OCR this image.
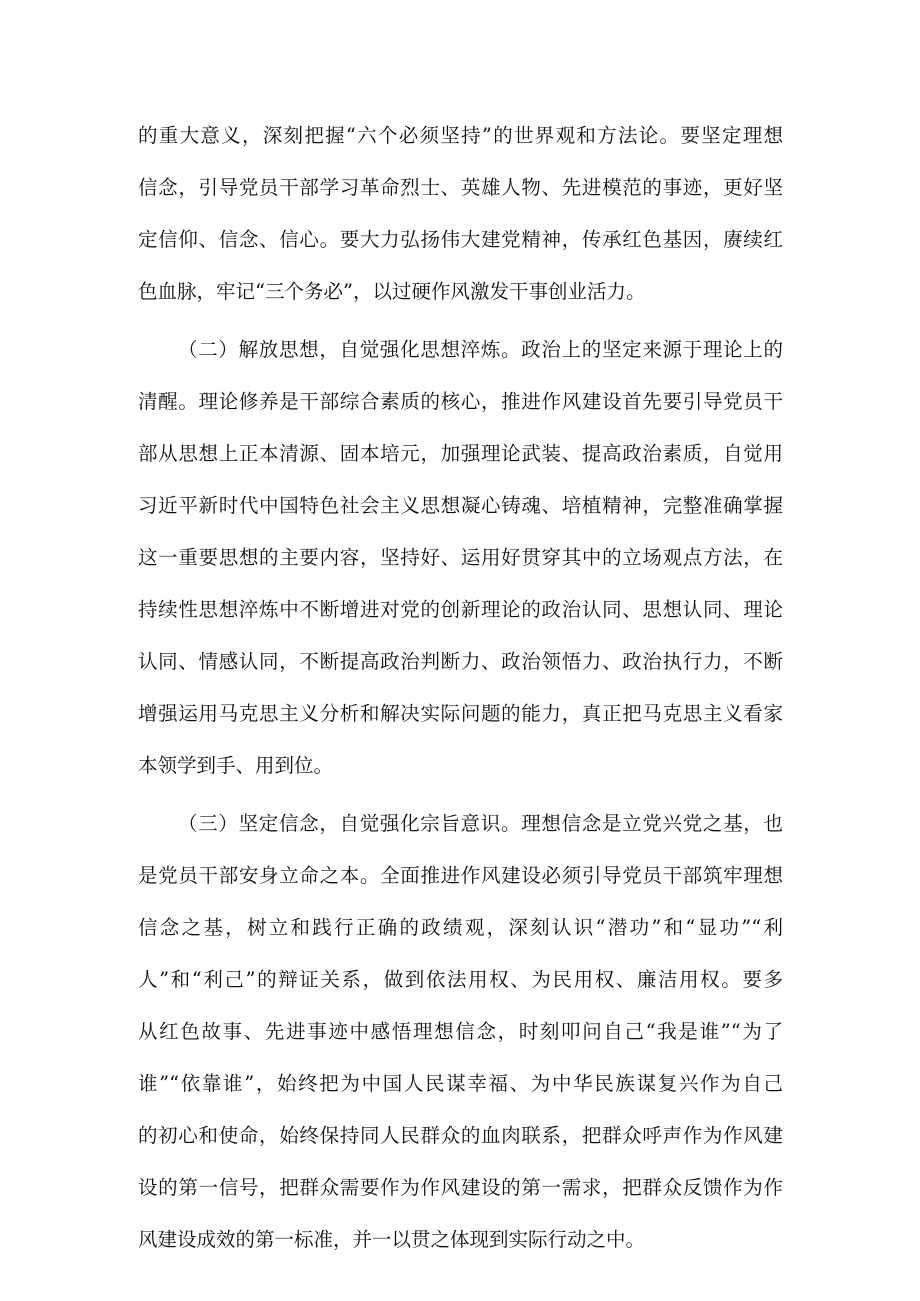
的重大意义，深刻把握“六个必须坚持”的世界观和方法论。要坚定理想
信念，引导党员干部学习革命烈士、英雄人物、先进模范的事迹，更好坚
定信仰、信念、信心。要大力弘扬伟大建党精神，传承红色基因，赓续红
色血脉，牢记“三个务必”，以过硬作风激发干事创业活力。
（二）解放思想，自觉强化思想淬炼。政治上的坚定来源于理论上的
清醒。理论修养是干部综合素质的核心，推进作风建设首先要引导党员干
部从思想上正本清源、固本培元，加强理论武装、提高政治素质，自觉用
习近平新时代中国特色社会主义思想凝心铸魂、培植精神，完整准确掌握
这一重要思想的主要内容，坚持好、运用好贯穿其中的立场观点方法，在
持续性思想淬炼中不断增进对党的创新理论的政治认同、思想认同、理论
认同、情感认同，不断提高政治判断力、政治领悟力、政治执行力，不断
增强运用马克思主义分析和解决实际问题的能力，真正把马克思主义看家
本领学到手、用到位。
（三）坚定信念，自觉强化宗旨意识。理想信念是立党兴党之基，也
是党员干部安身立命之本。全面推进作风建设必须引导党员干部筑牢理想
信念之基，树立和践行正确的政绩观，深刻认识“潜功”和“显功”“利
人”和“利己”的辩证关系，做到依法用权、为民用权、廉洁用权。要多
从红色故事、先进事迹中感悟理想信念，时刻叩问自己“我是谁”“为了
谁”“依靠谁”，始终把为中国人民谋幸福、为中华民族谋复兴作为自己
的初心和使命，始终保持同人民群众的血肉联系，把群众呼声作为作风建
设的第一信号，把群众需要作为作风建设的第一需求，把群众反馈作为作
风建设成效的第一标准，并一以贯之体现到实际行动之中。
